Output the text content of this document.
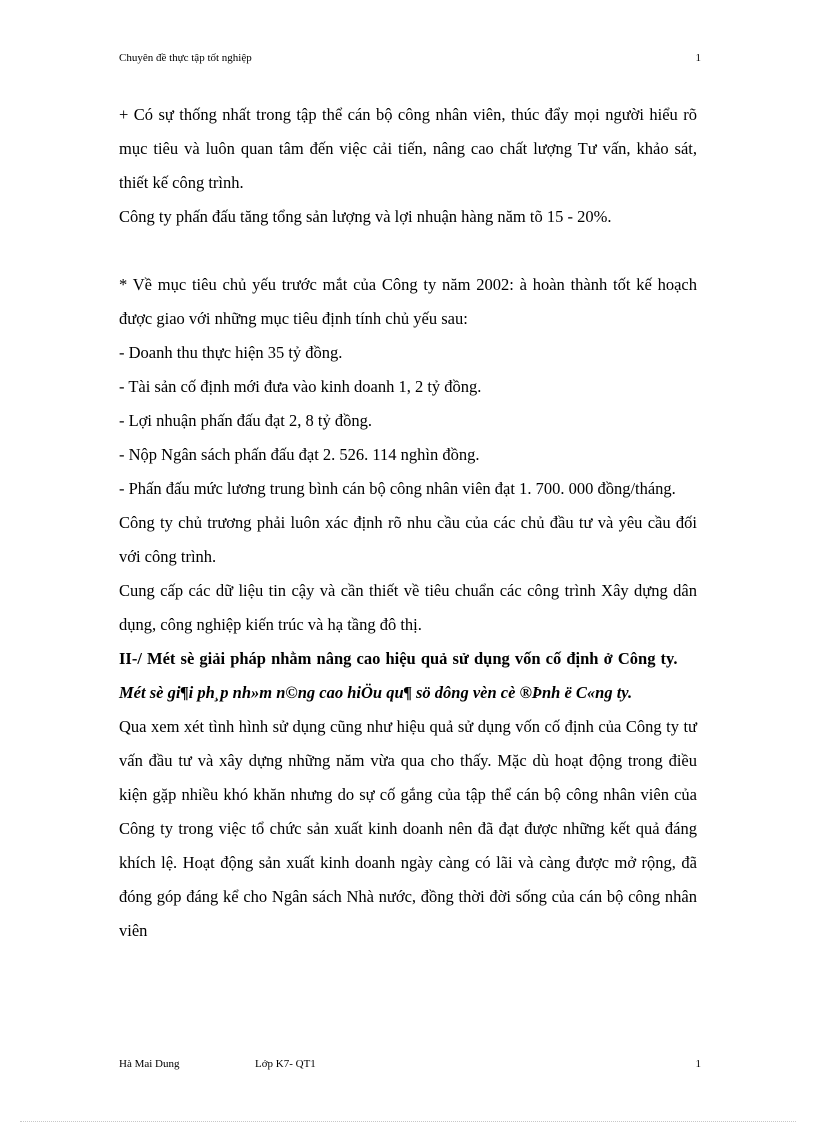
Chuyên đề thực tập tốt nghiệp	1

+ Có sự thống nhất trong tập thể cán bộ công nhân viên, thúc đẩy mọi người hiểu rõ mục tiêu và luôn quan tâm đến việc cải tiến, nâng cao chất lượng Tư vấn, khảo sát, thiết kế công trình.

Công ty phấn đấu tăng tổng sản lượng và lợi nhuận hàng năm tõ 15 - 20%.

* Về mục tiêu chủ yếu trước mắt của Công ty năm 2002: à hoàn thành tốt kế hoạch được giao với những mục tiêu định tính chủ yếu sau:

- Doanh thu thực hiện 35 tỷ đồng.

- Tài sản cố định mới đưa vào kinh doanh 1, 2 tỷ đồng.

- Lợi nhuận phấn đấu đạt 2, 8 tỷ đồng.

- Nộp Ngân sách phấn đấu đạt 2. 526. 114 nghìn đồng.

- Phấn đấu mức lương trung bình cán bộ công nhân viên đạt 1. 700. 000 đồng/tháng.

Công ty chủ trương phải luôn xác định rõ nhu cầu của các chủ đầu tư và yêu cầu đối với công trình.

Cung cấp các dữ liệu tin cậy và cần thiết về tiêu chuẩn các công trình Xây dựng dân dụng, công nghiệp kiến trúc và hạ tầng đô thị.

II-/ Mét sè giải pháp nhằm nâng cao hiệu quả sử dụng vốn cố định ở Công ty.     Mét sè gi¶i ph¸p nh»m n©ng cao hiÖu qu¶ sö dông vèn cè ®Þnh ë C«ng ty.

Qua xem xét tình hình sử dụng cũng như hiệu quả sử dụng vốn cố định của Công ty tư vấn đầu tư và xây dựng những năm vừa qua cho thấy. Mặc dù hoạt động trong điều kiện gặp nhiều khó khăn nhưng do sự cố gắng của tập thể cán bộ công nhân viên của Công ty trong việc tổ chức sản xuất kinh doanh nên đã đạt được những kết quả đáng khích lệ. Hoạt động sản xuất kinh doanh ngày càng có lãi và càng được mở rộng, đã đóng góp đáng kể cho Ngân sách Nhà nước, đồng thời đời sống của cán bộ công nhân viên

Hà Mai Dung	Lớp K7- QT1	1
